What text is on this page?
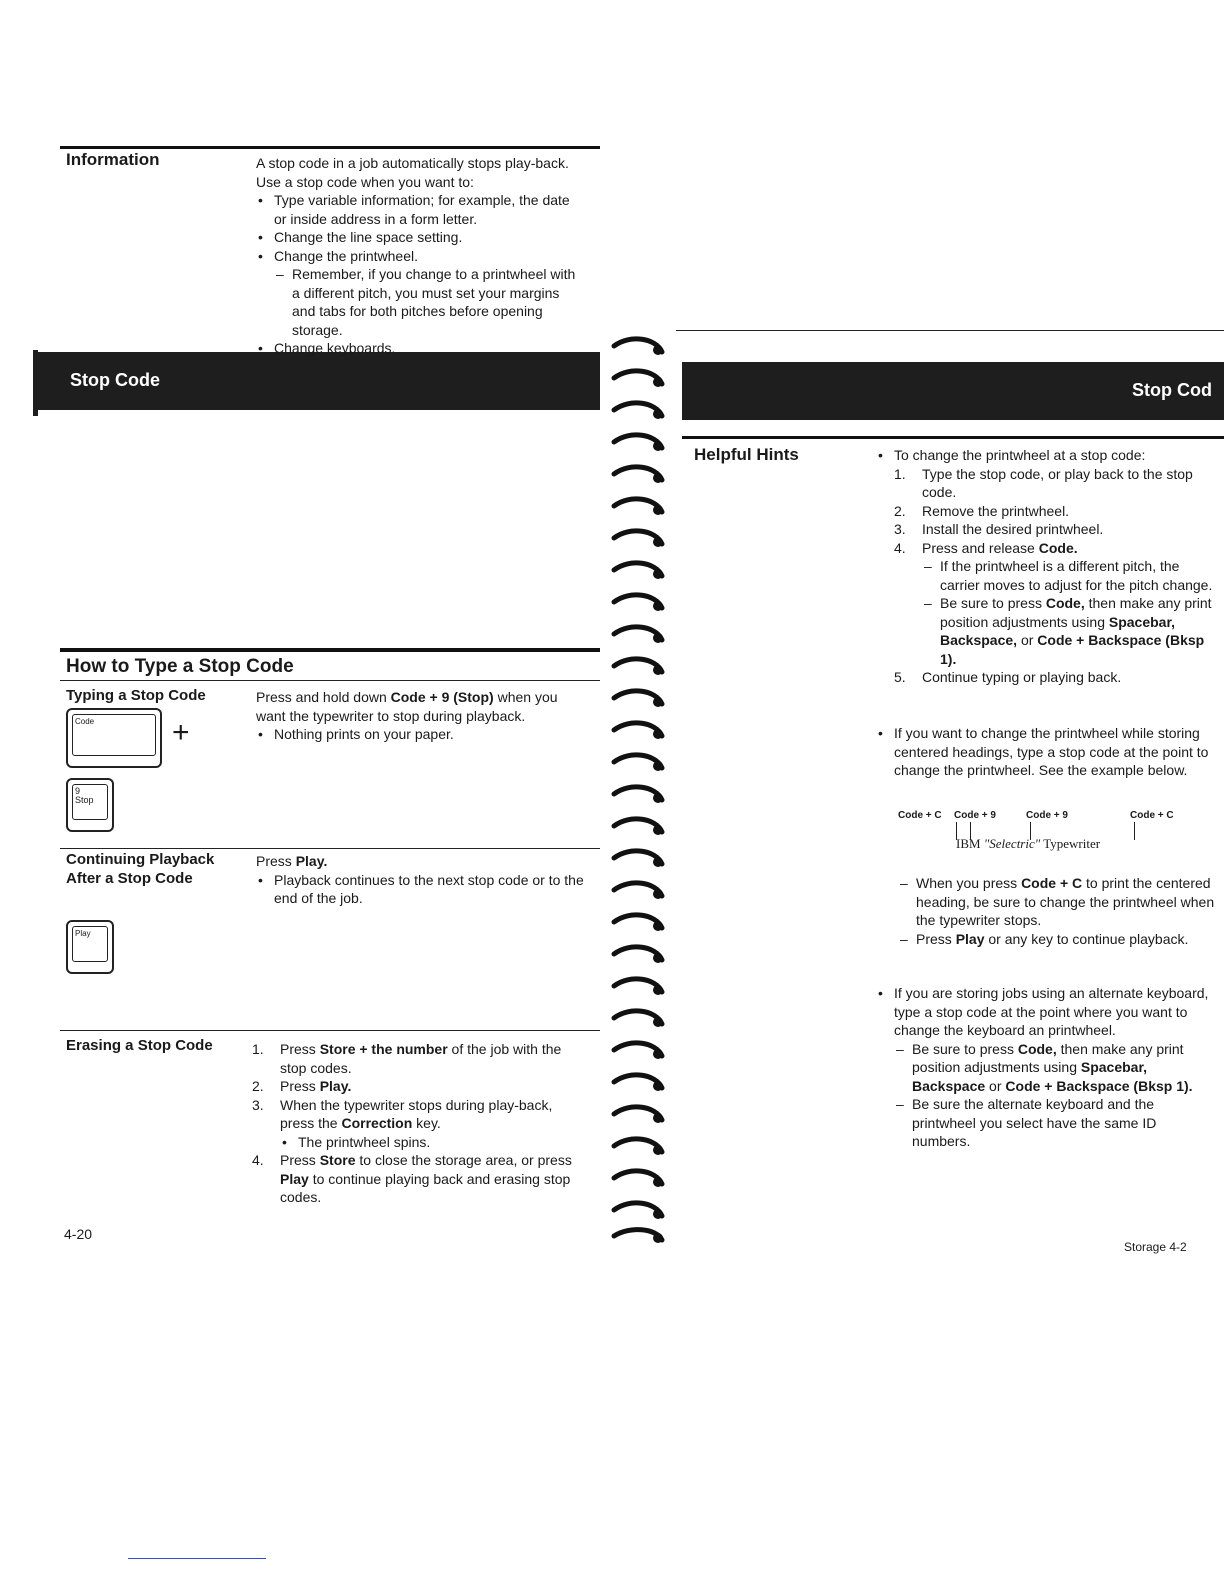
Stop Code
Information	A stop code in a job automatically stops play-back. Use a stop code when you want to:
• Type variable information; for example, the date or inside address in a form letter.
• Change the line space setting.
• Change the printwheel.
– Remember, if you change to a printwheel with a different pitch, you must set your margins and tabs for both pitches before opening storage.
• Change keyboards.
How to Type a Stop Code
Typing a Stop Code	Press and hold down Code + 9 (Stop) when you want the typewriter to stop during playback.
• Nothing prints on your paper.
Code	+
9
Stop
Continuing Playback After a Stop Code
Press Play.
• Playback continues to the next stop code or to the end of the job.
Play
Erasing a Stop Code	1. Press Store + the number of the job with the stop codes.
2. Press Play.
3. When the typewriter stops during play-back, press the Correction key.
• The printwheel spins.
4. Press Store to close the storage area, or press Play to continue playing back and erasing stop codes.
4-20
Stop Cod
Helpful Hints
•	To change the printwheel at a stop code:
1. Type the stop code, or play back to the stop code.
2. Remove the printwheel.
3. Install the desired printwheel.
4. Press and release Code.
– If the printwheel is a different pitch, the carrier moves to adjust for the pitch change.
– Be sure to press Code, then make any print position adjustments using Spacebar, Backspace, or Code + Backspace (Bksp 1).
5. Continue typing or playing back.
• If you want to change the printwheel while storing centered headings, type a stop code at the point to change the printwheel. See the example below.
Code + C Code + 9	Code + 9	Code + C
IBM "Selectric" Typewriter
– When you press Code + C to print the centered heading, be sure to change the printwheel when the typewriter stops.
– Press Play or any key to continue playback.
• If you are storing jobs using an alternate keyboard, type a stop code at the point where you want to change the keyboard an printwheel.
– Be sure to press Code, then make any print position adjustments using Spacebar, Backspace or Code + Backspace (Bksp 1).
– Be sure the alternate keyboard and the printwheel you select have the same ID numbers.
Storage 4-2
